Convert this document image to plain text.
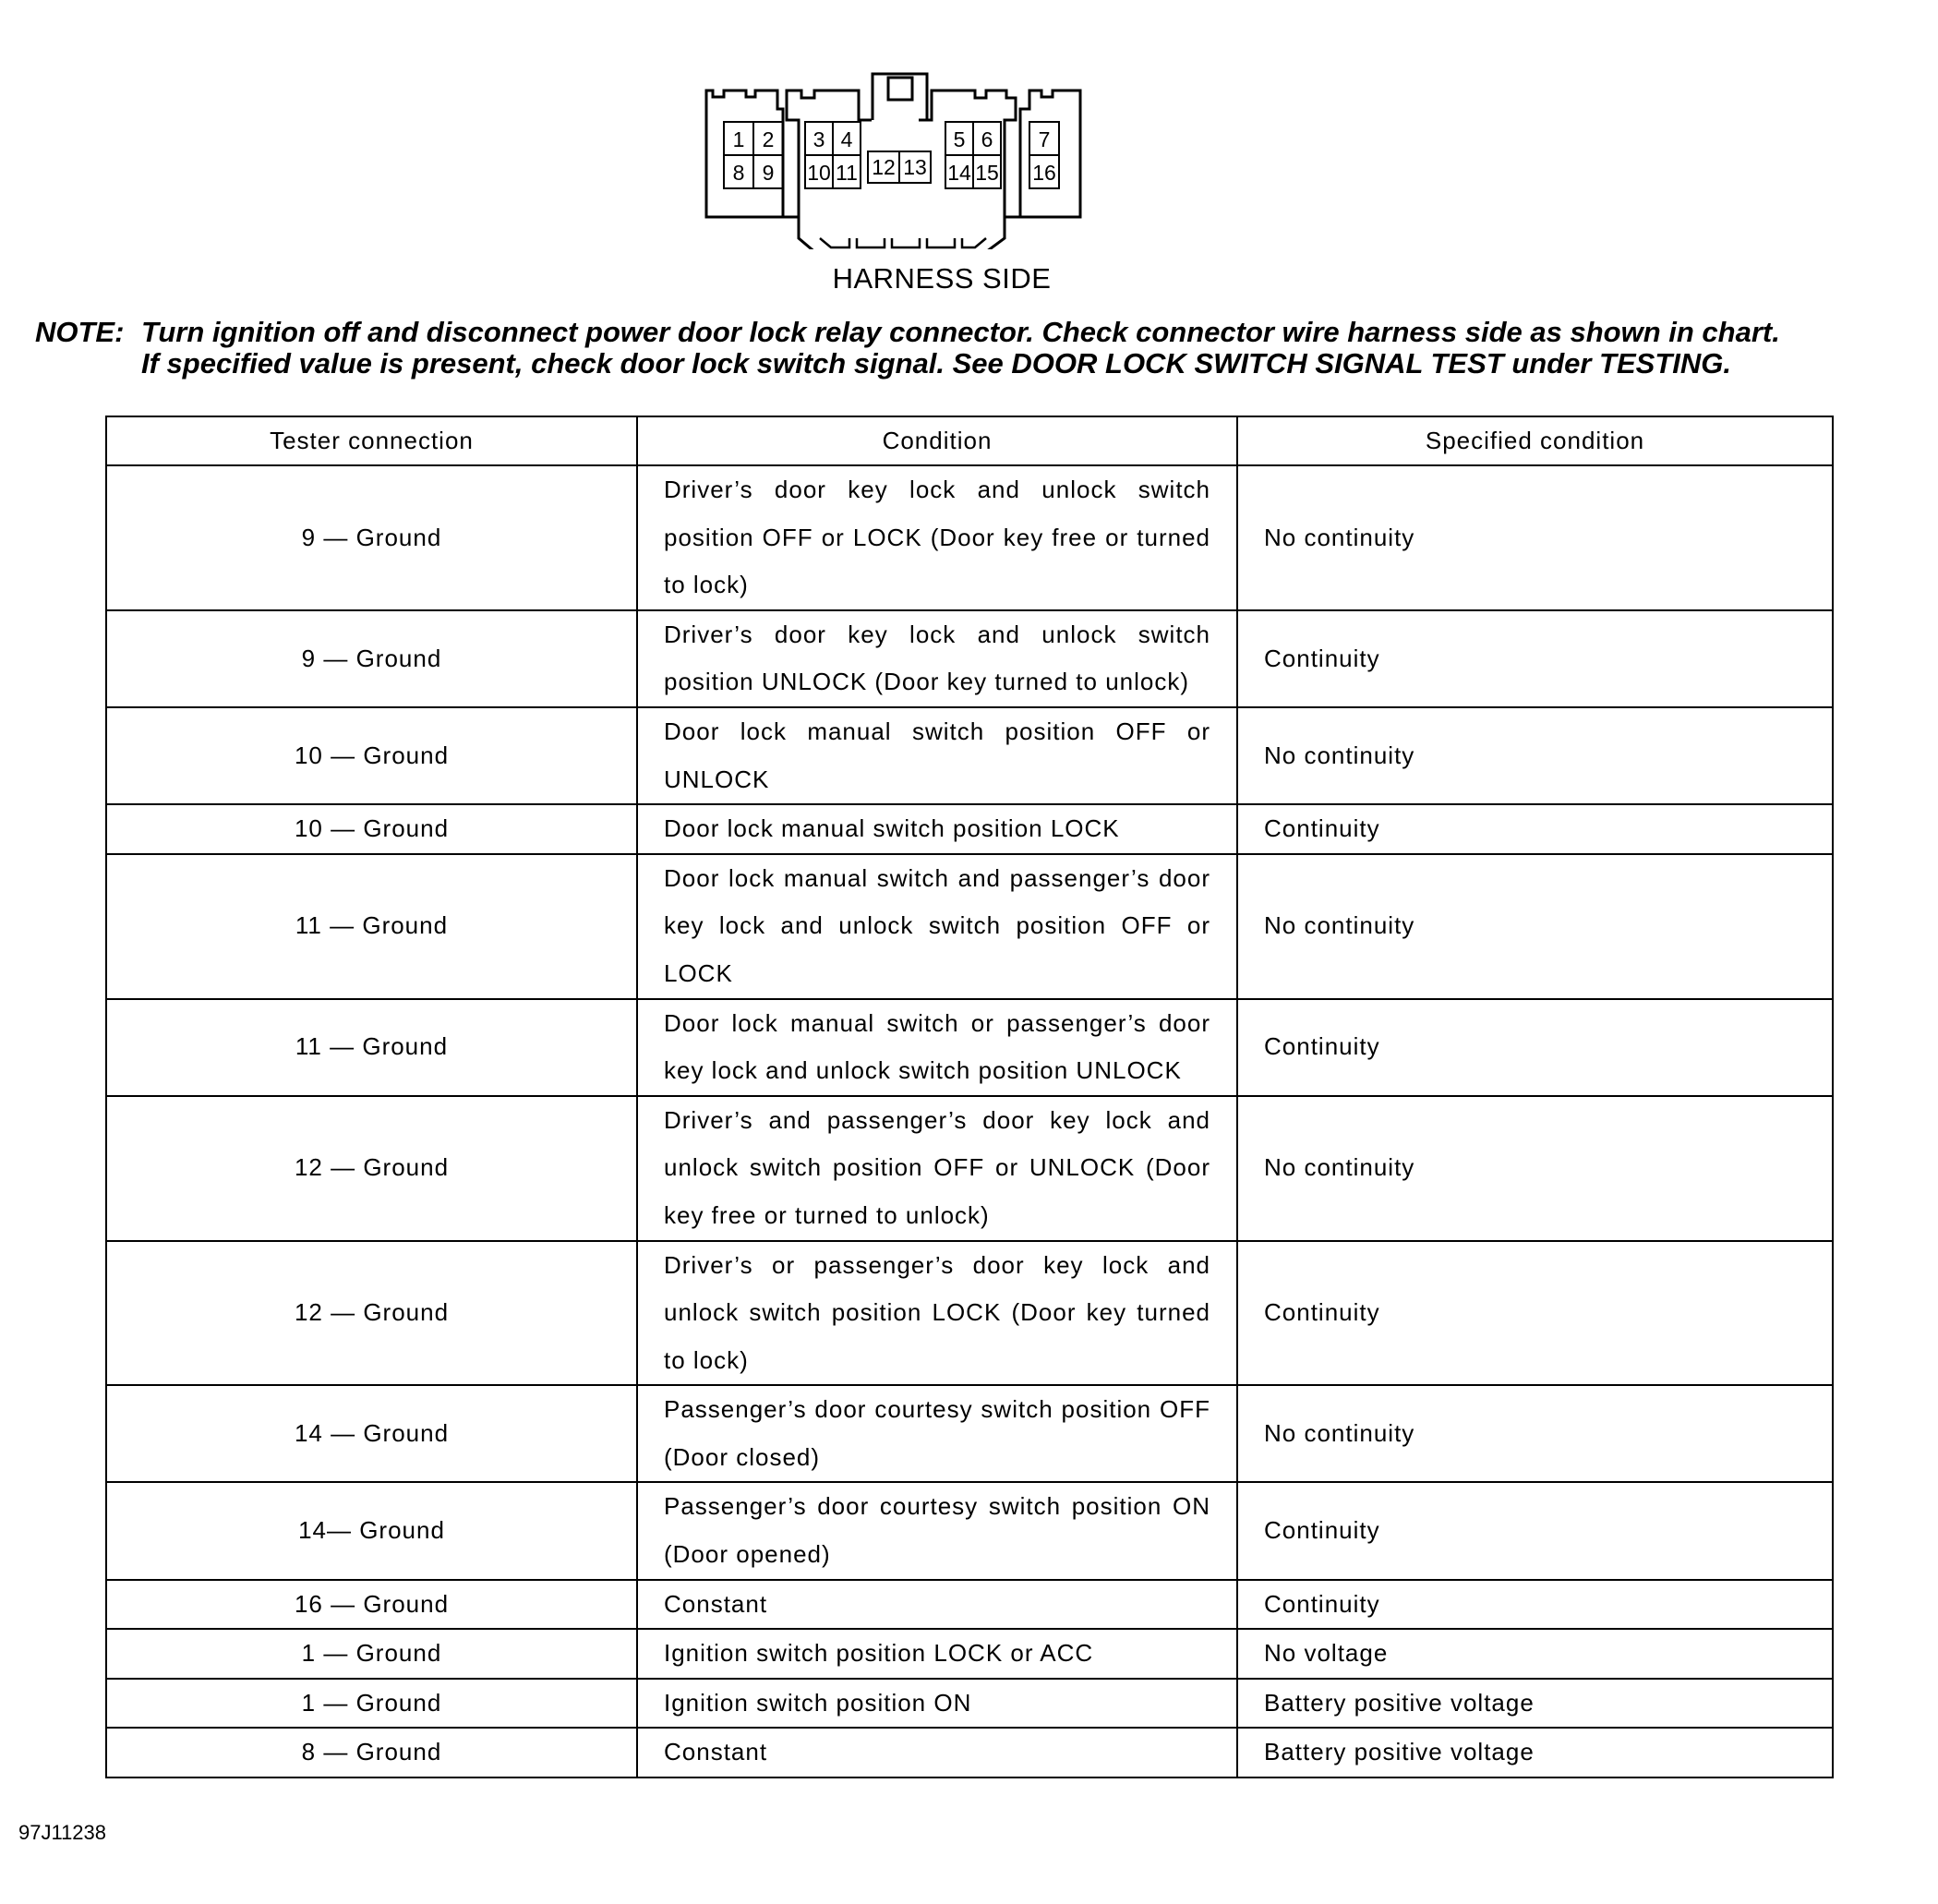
1 2 3 4	5 6 7
8 9 10 11 12 13 14 15 16
HARNESS SIDE
NOTE: Turn ignition off and disconnect power door lock relay connector. Check connector wire harness side as shown in chart.
If specified value is present, check door lock switch signal. See DOOR LOCK SWITCH SIGNAL TEST under TESTING.
Tester connection	Condition	Specified condition
9 — Ground	Driver’s door key lock and unlock switch position OFF or LOCK (Door key free or turned to lock)	No continuity
9 — Ground	Driver’s door key lock and unlock switch position UNLOCK (Door key turned to unlock)	Continuity
10 — Ground	Door lock manual switch position OFF or UNLOCK	No continuity
10 — Ground	Door lock manual switch position LOCK	Continuity
11 — Ground	Door lock manual switch and passenger’s door key lock and unlock switch position OFF or LOCK	No continuity
11 — Ground	Door lock manual switch or passenger’s door key lock and unlock switch position UNLOCK	Continuity
12 — Ground	Driver’s and passenger’s door key lock and unlock switch position OFF or UNLOCK (Door key free or turned to unlock)	No continuity
12 — Ground	Driver’s or passenger’s door key lock and unlock switch position LOCK (Door key turned to lock)	Continuity
14 — Ground	Passenger’s door courtesy switch position OFF (Door closed)	No continuity
14— Ground	Passenger’s door courtesy switch position ON (Door opened)	Continuity
16 — Ground	Constant	Continuity
1 — Ground	Ignition switch position LOCK or ACC	No voltage
1 — Ground	Ignition switch position ON	Battery positive voltage
8 — Ground	Constant	Battery positive voltage
97J11238
